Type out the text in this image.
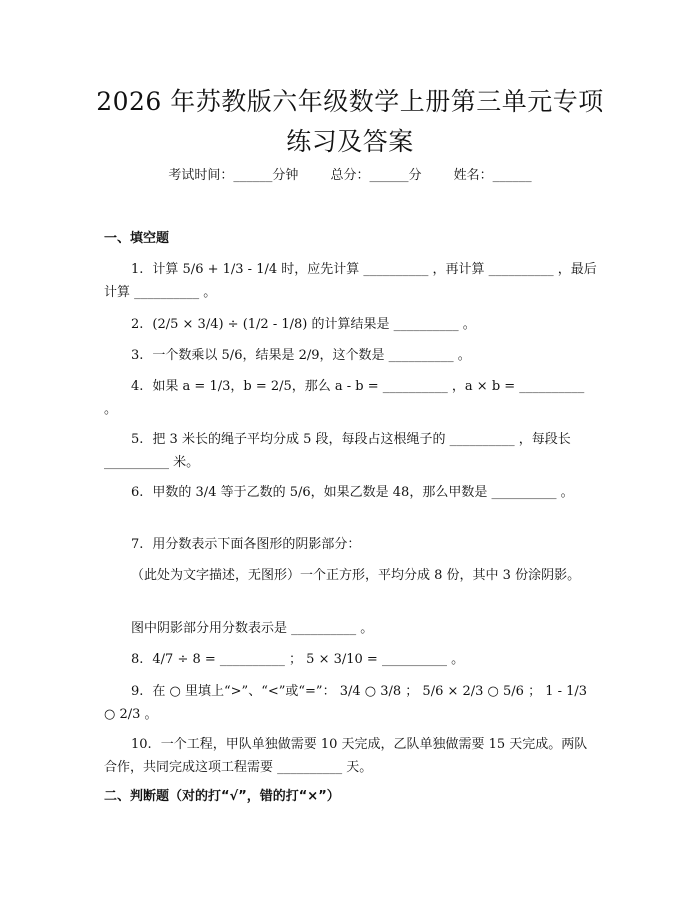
2026 年苏教版六年级数学上册第三单元专项
练习及答案
考试时间：______分钟 总分：______分 姓名：______
一、填空题
1. 计算 5/6 + 1/3 - 1/4 时，应先计算 __________ ，再计算 __________ ，最后计算 __________ 。
2. (2/5 × 3/4) ÷ (1/2 - 1/8) 的计算结果是 __________ 。
3. 一个数乘以 5/6，结果是 2/9，这个数是 __________ 。
4. 如果 a = 1/3，b = 2/5，那么 a - b = __________ ，a × b = __________ 。
5. 把 3 米长的绳子平均分成 5 段，每段占这根绳子的 __________ ，每段长 __________ 米。
6. 甲数的 3/4 等于乙数的 5/6，如果乙数是 48，那么甲数是 __________ 。
7. 用分数表示下面各图形的阴影部分：
（此处为文字描述，无图形）一个正方形，平均分成 8 份，其中 3 份涂阴影。
图中阴影部分用分数表示是 __________ 。
8. 4/7 ÷ 8 = __________ ； 5 × 3/10 = __________ 。
9. 在 ○ 里填上“>”、“<”或“=”： 3/4 ○ 3/8 ； 5/6 × 2/3 ○ 5/6 ； 1 - 1/3 ○ 2/3 。
10. 一个工程，甲队单独做需要 10 天完成，乙队单独做需要 15 天完成。两队合作，共同完成这项工程需要 __________ 天。
二、判断题（对的打“√”，错的打“×”）
